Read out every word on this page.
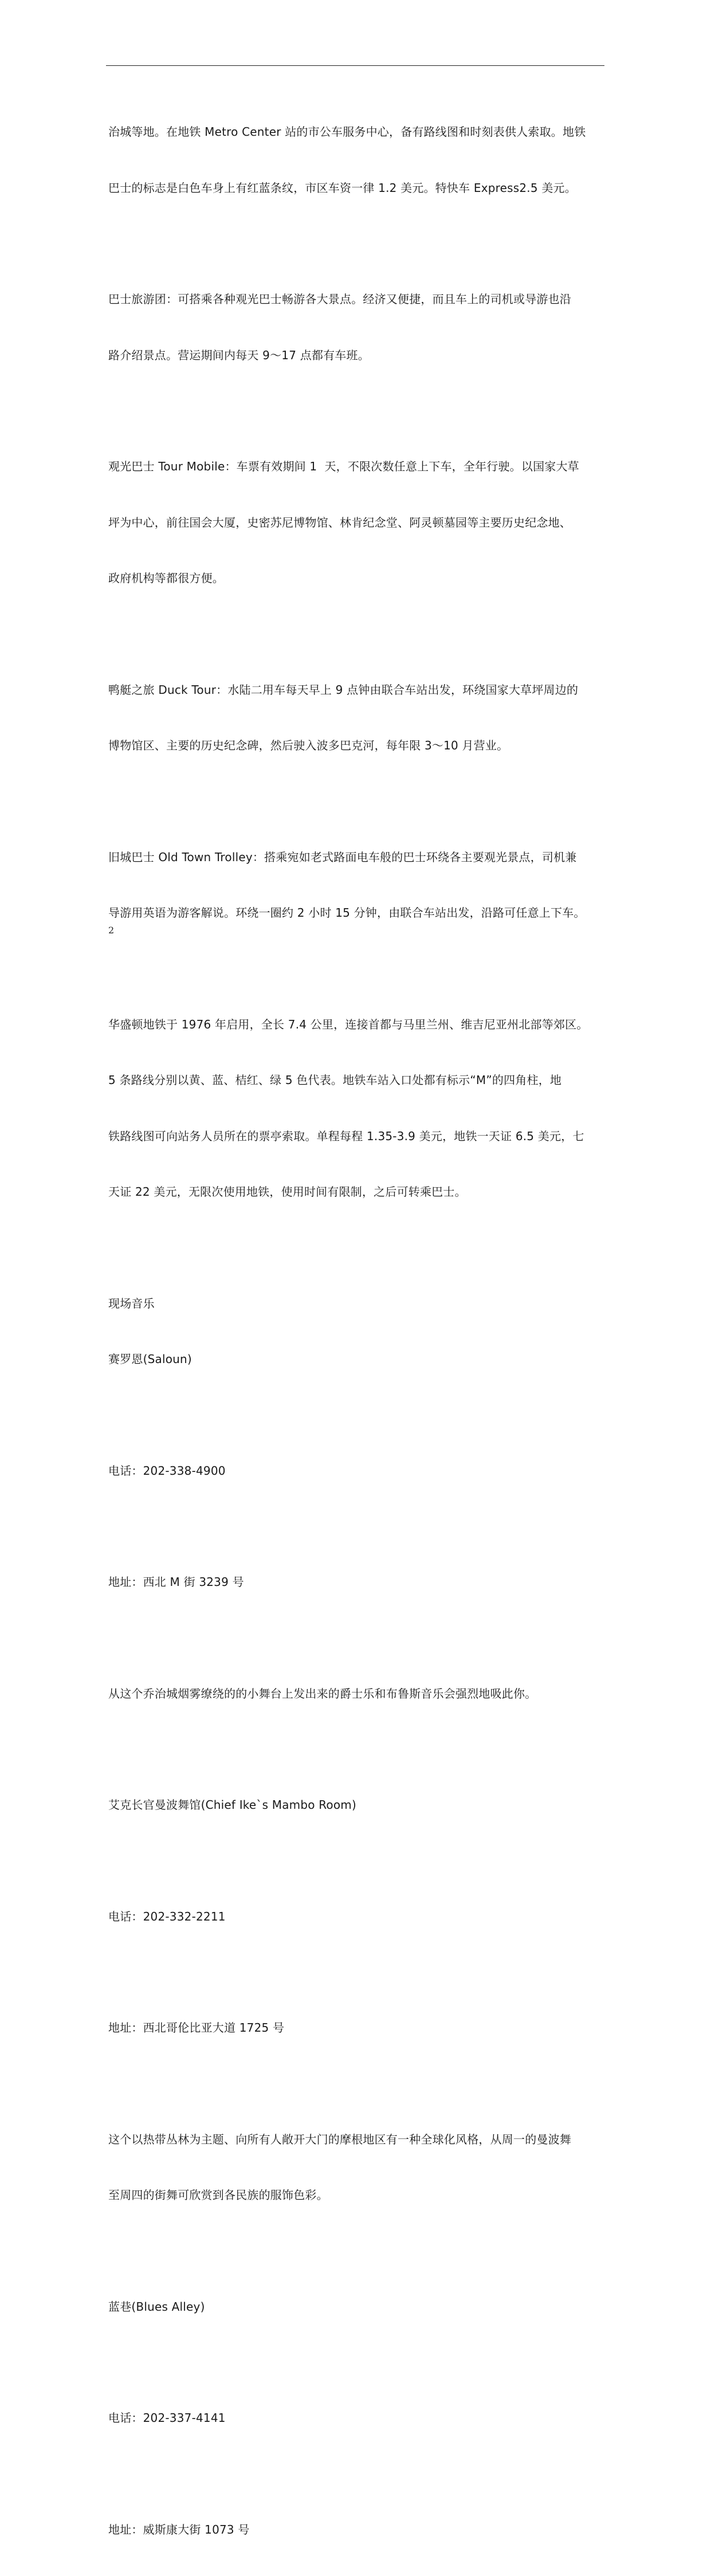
治城等地。在地铁 Metro Center 站的市公车服务中心，备有路线图和时刻表供人索取。地铁

巴士的标志是白色车身上有红蓝条纹，市区车资一律 1.2 美元。特快车 Express2.5 美元。

巴士旅游团：可搭乘各种观光巴士畅游各大景点。经济又便捷，而且车上的司机或导游也沿

路介绍景点。营运期间内每天 9～17 点都有车班。

观光巴士 Tour Mobile：车票有效期间 1  天，不限次数任意上下车，全年行驶。以国家大草

坪为中心，前往国会大厦，史密苏尼博物馆、林肯纪念堂、阿灵顿墓园等主要历史纪念地、

政府机构等都很方便。

鸭艇之旅 Duck Tour：水陆二用车每天早上 9 点钟由联合车站出发，环绕国家大草坪周边的

博物馆区、主要的历史纪念碑，然后驶入波多巴克河，每年限 3～10 月营业。

旧城巴士 Old Town Trolley：搭乘宛如老式路面电车般的巴士环绕各主要观光景点，司机兼

导游用英语为游客解说。环绕一圈约 2 小时 15 分钟，由联合车站出发，沿路可任意上下车。

华盛顿地铁于 1976 年启用，全长 7.4 公里，连接首都与马里兰州、维吉尼亚州北部等郊区。

5 条路线分别以黄、蓝、桔红、绿 5 色代表。地铁车站入口处都有标示“M”的四角柱，地

铁路线图可向站务人员所在的票亭索取。单程每程 1.35-3.9 美元，地铁一天证 6.5 美元，七

天证 22 美元，无限次使用地铁，使用时间有限制，之后可转乘巴士。

现场音乐

赛罗恩(Saloun)

电话：202-338-4900

地址：西北 M 街 3239 号

从这个乔治城烟雾缭绕的的小舞台上发出来的爵士乐和布鲁斯音乐会强烈地吸此你。

艾克长官曼波舞馆(Chief Ike`s Mambo Room)

电话：202-332-2211

地址：西北哥伦比亚大道 1725 号

这个以热带丛林为主题、向所有人敞开大门的摩根地区有一种全球化风格，从周一的曼波舞

至周四的街舞可欣赏到各民族的服饰色彩。

蓝巷(Blues Alley)

电话：202-337-4141

地址：威斯康大街 1073 号

2
